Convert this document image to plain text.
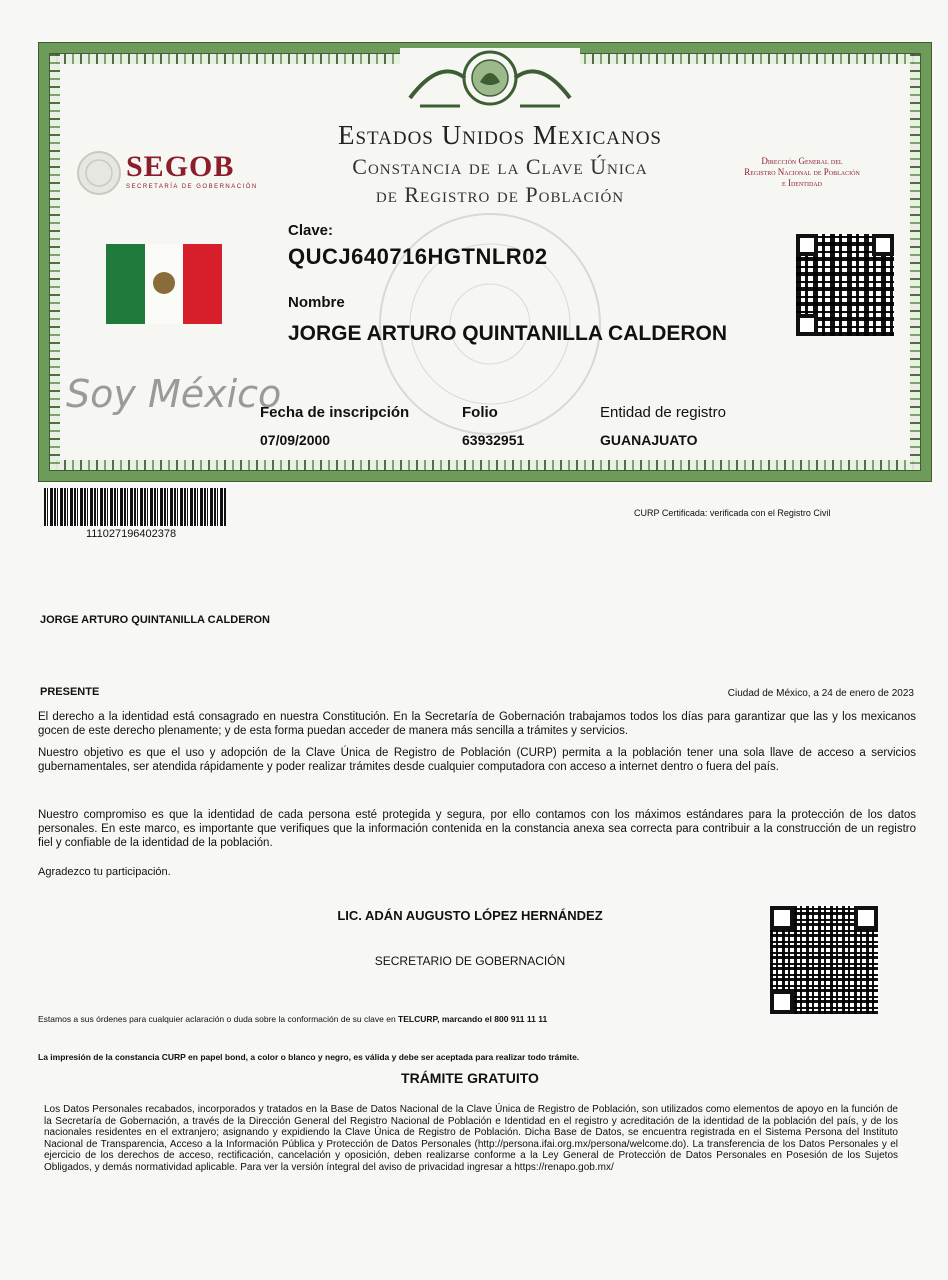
SEGOB
SECRETARÍA DE GOBERNACIÓN
Estados Unidos Mexicanos
Constancia de la Clave Única
de Registro de Población
Dirección General del
Registro Nacional de Población
e Identidad
Soy México
Clave:
QUCJ640716HGTNLR02
Nombre
JORGE ARTURO QUINTANILLA CALDERON
Fecha de inscripción
07/09/2000
Folio
63932951
Entidad de registro
GUANAJUATO
111027196402378
CURP Certificada: verificada con el Registro Civil
JORGE ARTURO QUINTANILLA CALDERON
PRESENTE	Ciudad de México, a 24 de enero de 2023
El derecho a la identidad está consagrado en nuestra Constitución. En la Secretaría de Gobernación trabajamos todos los días para garantizar que las y los mexicanos gocen de este derecho plenamente; y de esta forma puedan acceder de manera más sencilla a trámites y servicios.
Nuestro objetivo es que el uso y adopción de la Clave Única de Registro de Población (CURP) permita a la población tener una sola llave de acceso a servicios gubernamentales, ser atendida rápidamente y poder realizar trámites desde cualquier computadora con acceso a internet dentro o fuera del país.
Nuestro compromiso es que la identidad de cada persona esté protegida y segura, por ello contamos con los máximos estándares para la protección de los datos personales. En este marco, es importante que verifiques que la información contenida en la constancia anexa sea correcta para contribuir a la construcción de un registro fiel y confiable de la identidad de la población.
Agradezco tu participación.
LIC. ADÁN AUGUSTO LÓPEZ HERNÁNDEZ
SECRETARIO DE GOBERNACIÓN
Estamos a sus órdenes para cualquier aclaración o duda sobre la conformación de su clave en TELCURP, marcando el 800 911 11 11
La impresión de la constancia CURP en papel bond, a color o blanco y negro, es válida y debe ser aceptada para realizar todo trámite.
TRÁMITE GRATUITO
Los Datos Personales recabados, incorporados y tratados en la Base de Datos Nacional de la Clave Única de Registro de Población, son utilizados como elementos de apoyo en la función de la Secretaría de Gobernación, a través de la Dirección General del Registro Nacional de Población e Identidad en el registro y acreditación de la identidad de la población del país, y de los nacionales residentes en el extranjero; asignando y expidiendo la Clave Única de Registro de Población. Dicha Base de Datos, se encuentra registrada en el Sistema Persona del Instituto Nacional de Transparencia, Acceso a la Información Pública y Protección de Datos Personales (http://persona.ifai.org.mx/persona/welcome.do). La transferencia de los Datos Personales y el ejercicio de los derechos de acceso, rectificación, cancelación y oposición, deben realizarse conforme a la Ley General de Protección de Datos Personales en Posesión de los Sujetos Obligados, y demás normatividad aplicable. Para ver la versión íntegral del aviso de privacidad ingresar a https://renapo.gob.mx/
